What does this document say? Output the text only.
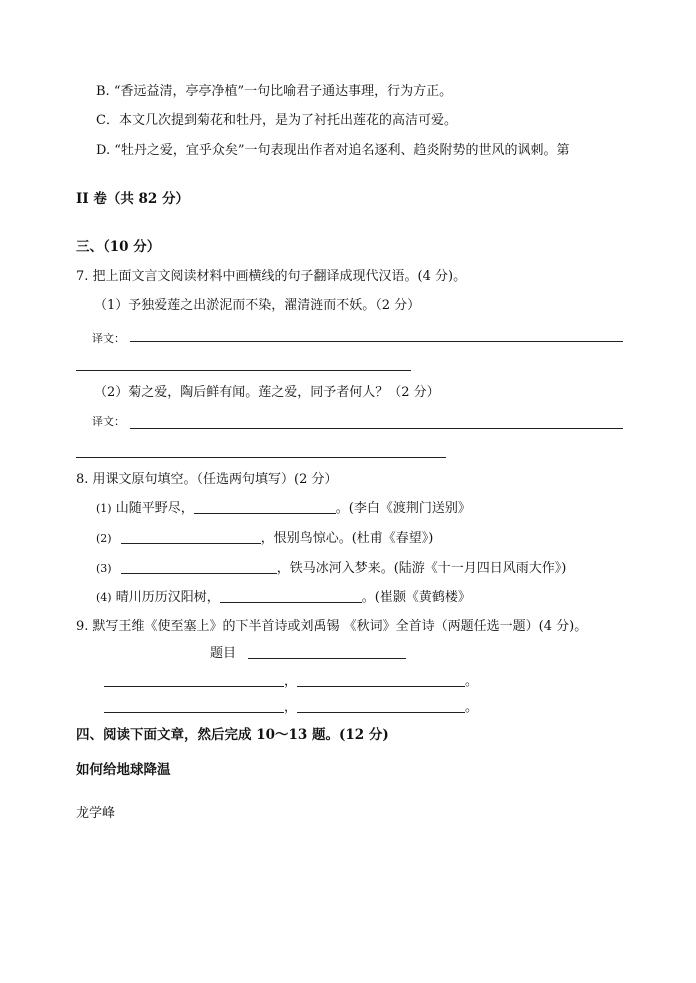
B. “香远益清，亭亭净植”一句比喻君子通达事理，行为方正。
C．本文几次提到菊花和牡丹，是为了衬托出莲花的高洁可爱。
D. “牡丹之爱，宜乎众矣”一句表现出作者对追名逐利、趋炎附势的世风的讽刺。第
II 卷（共 82 分）
三、（10 分）
7. 把上面文言文阅读材料中画横线的句子翻译成现代汉语。(4 分)。
（1）予独爱莲之出淤泥而不染，濯清涟而不妖。（2 分）
译文：
（2）菊之爱，陶后鲜有闻。莲之爱，同予者何人？（2 分）
译文：
8. 用课文原句填空。（任选两句填写）(2 分）
(1) 山随平野尽，	。(李白《渡荆门送别》
(2)	，恨别鸟惊心。(杜甫《春望》)
(3)	，铁马冰河入梦来。(陆游《十一月四日风雨大作》)
(4) 晴川历历汉阳树，	。(崔颢《黄鹤楼》
9. 默写王维《使至塞上》的下半首诗或刘禹锡 《秋词》全首诗（两题任选一题）(4 分)。
题目
，	。
，	。
四、阅读下面文章，然后完成 10～13 题。(12 分)
如何给地球降温
龙学峰
